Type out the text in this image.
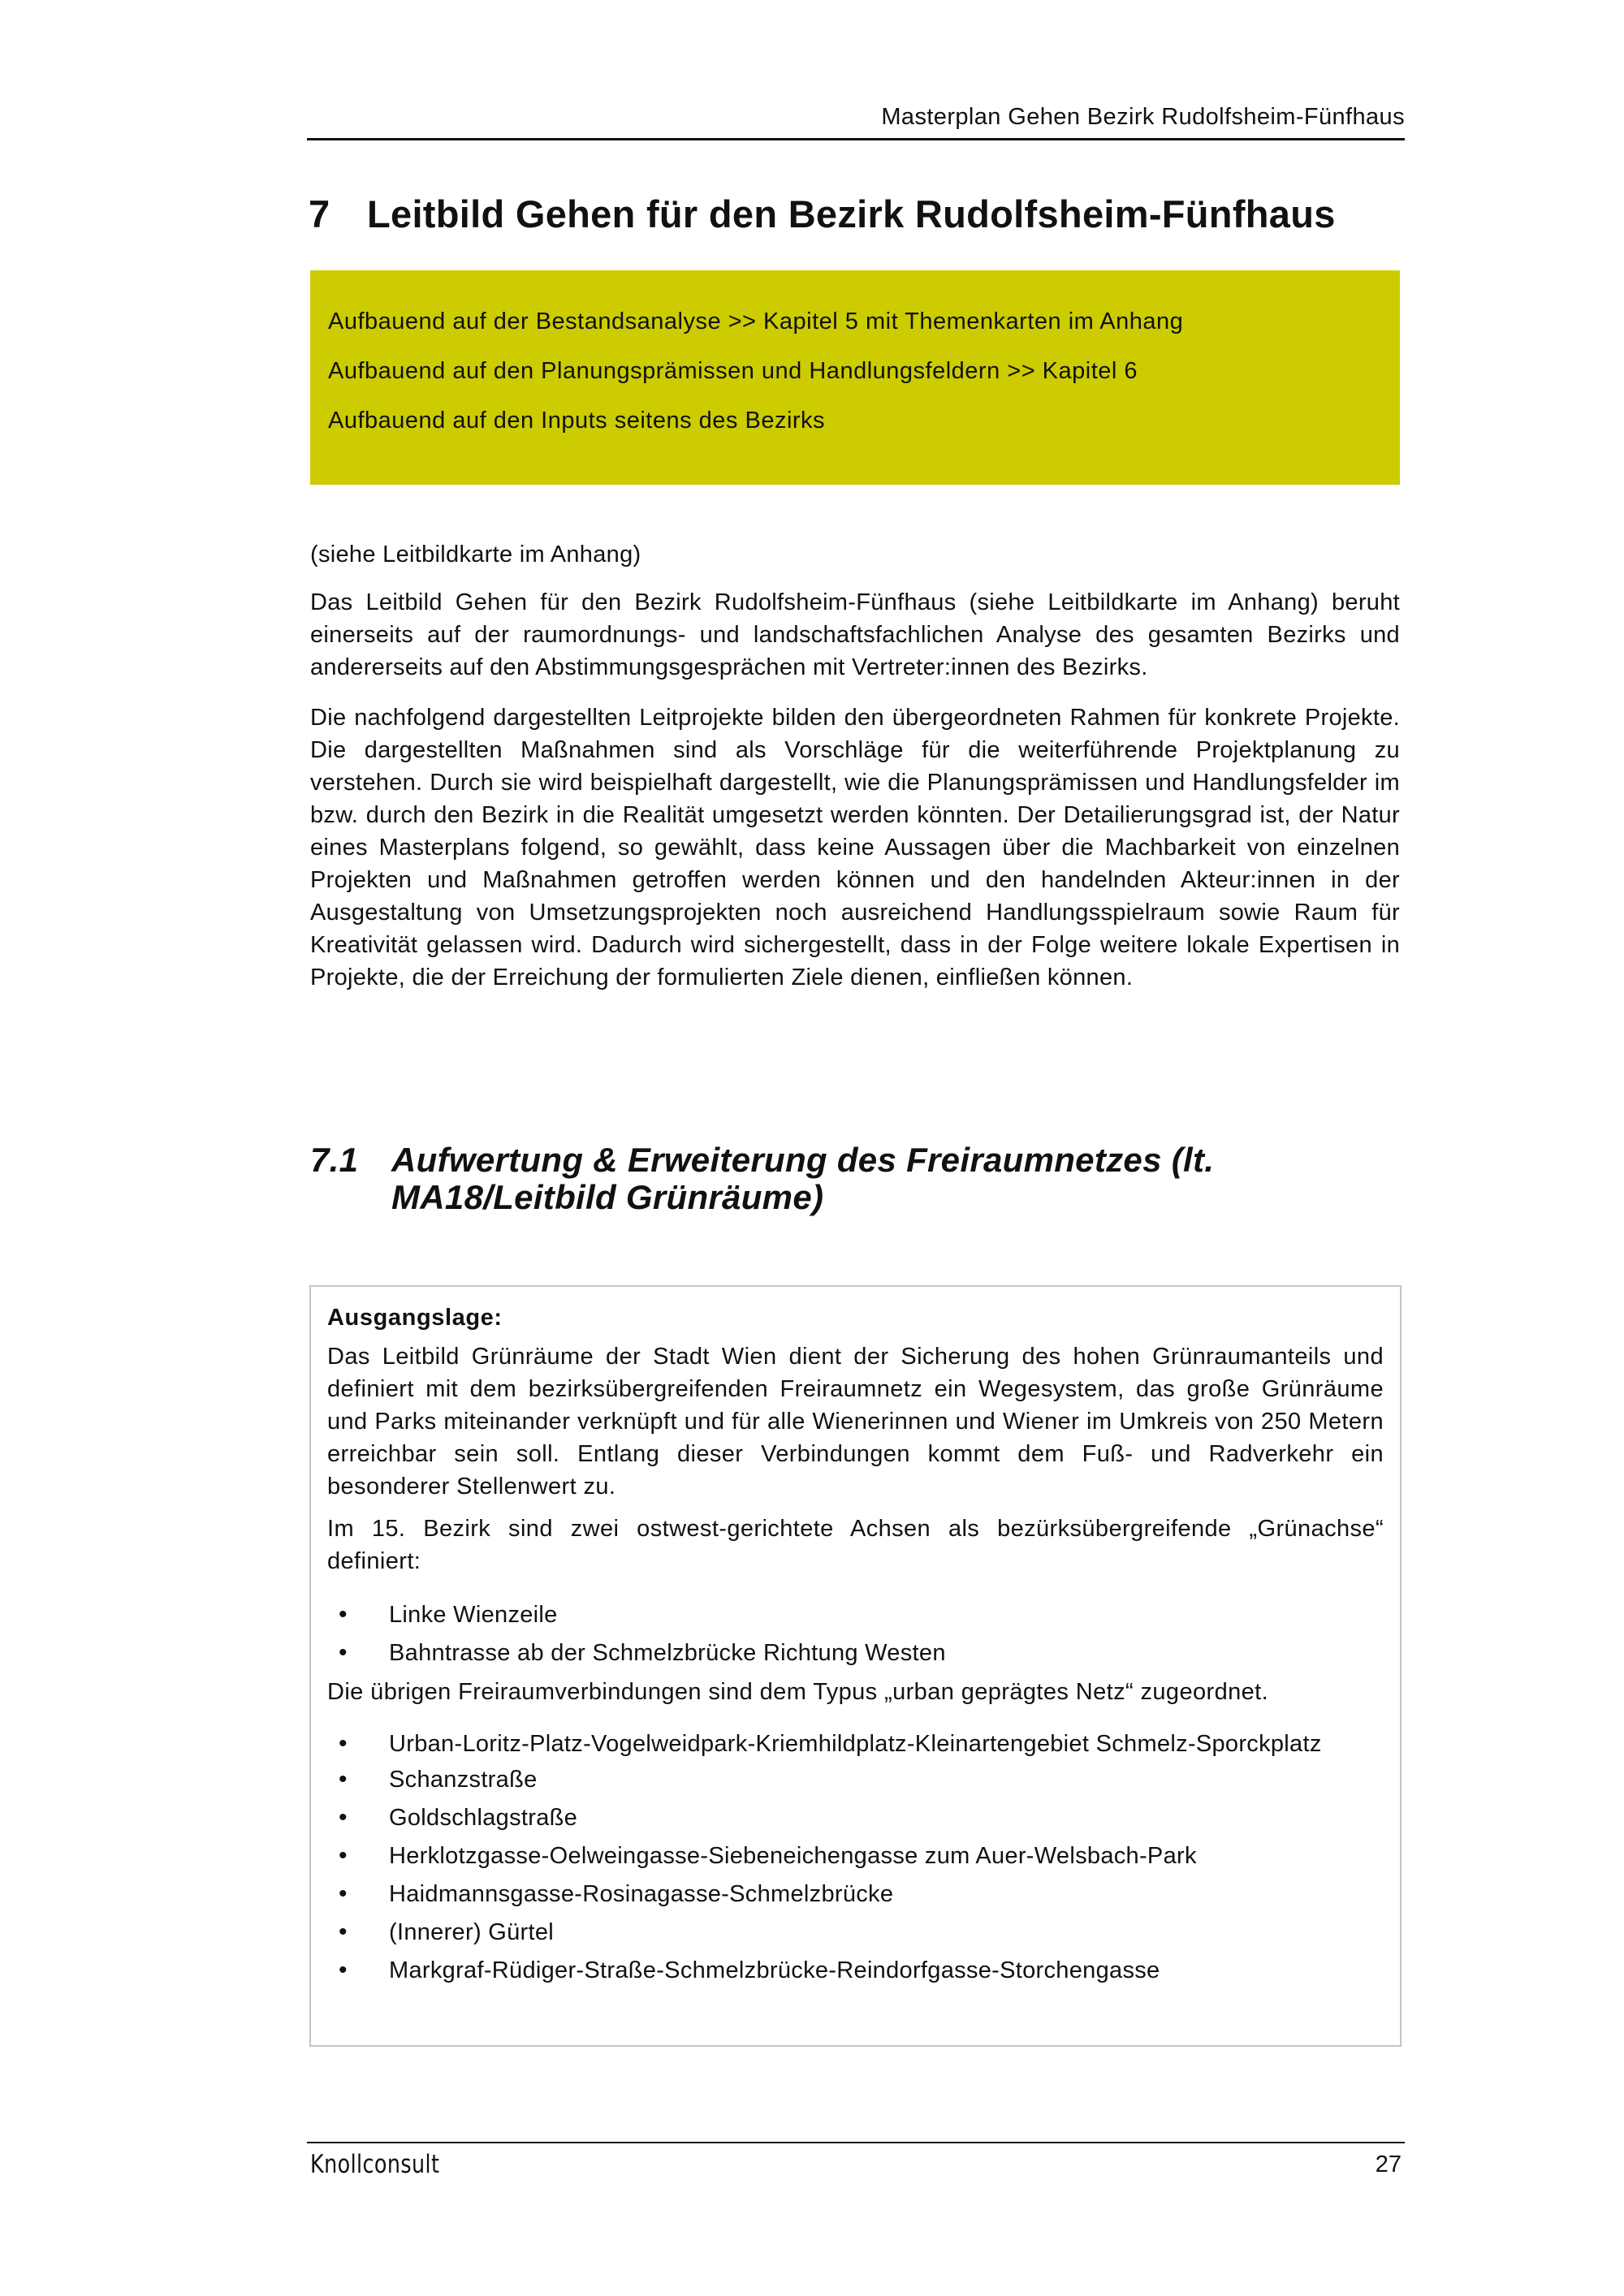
Masterplan Gehen Bezirk Rudolfsheim-Fünfhaus
7 Leitbild Gehen für den Bezirk Rudolfsheim-Fünfhaus
Aufbauend auf der Bestandsanalyse >> Kapitel 5 mit Themenkarten im Anhang
Aufbauend auf den Planungsprämissen und Handlungsfeldern >> Kapitel 6
Aufbauend auf den Inputs seitens des Bezirks
(siehe Leitbildkarte im Anhang)
Das Leitbild Gehen für den Bezirk Rudolfsheim-Fünfhaus (siehe Leitbildkarte im Anhang) beruht einerseits auf der raumordnungs- und landschaftsfachlichen Analyse des gesamten Bezirks und andererseits auf den Abstimmungsgesprächen mit Vertreter:innen des Bezirks.
Die nachfolgend dargestellten Leitprojekte bilden den übergeordneten Rahmen für konkrete Projekte. Die dargestellten Maßnahmen sind als Vorschläge für die weiterführende Projektplanung zu verstehen. Durch sie wird beispielhaft dargestellt, wie die Planungsprämissen und Handlungsfelder im bzw. durch den Bezirk in die Realität umgesetzt werden könnten. Der Detailierungsgrad ist, der Natur eines Masterplans folgend, so gewählt, dass keine Aussagen über die Machbarkeit von einzelnen Projekten und Maßnahmen getroffen werden können und den handelnden Akteur:innen in der Ausgestaltung von Umsetzungsprojekten noch ausreichend Handlungsspielraum sowie Raum für Kreativität gelassen wird. Dadurch wird sichergestellt, dass in der Folge weitere lokale Expertisen in Projekte, die der Erreichung der formulierten Ziele dienen, einfließen können.
7.1 Aufwertung & Erweiterung des Freiraumnetzes (lt. MA18/Leitbild Grünräume)
Ausgangslage:

Das Leitbild Grünräume der Stadt Wien dient der Sicherung des hohen Grünraumanteils und definiert mit dem bezirksübergreifenden Freiraumnetz ein Wegesystem, das große Grünräume und Parks miteinander verknüpft und für alle Wienerinnen und Wiener im Umkreis von 250 Metern erreichbar sein soll. Entlang dieser Verbindungen kommt dem Fuß- und Radverkehr ein besonderer Stellenwert zu.

Im 15. Bezirk sind zwei ostwest-gerichtete Achsen als bezürksübergreifende „Grünachse“ definiert:

• Linke Wienzeile
• Bahntrasse ab der Schmelzbrücke Richtung Westen

Die übrigen Freiraumverbindungen sind dem Typus „urban geprägtes Netz“ zugeordnet.

• Urban-Loritz-Platz-Vogelweidpark-Kriemhildplatz-Kleinartengebiet Schmelz-Sporckplatz
• Schanzstraße
• Goldschlagstraße
• Herklotzgasse-Oelweingasse-Siebeneichengasse zum Auer-Welsbach-Park
• Haidmannsgasse-Rosinagasse-Schmelzbrücke
• (Innerer) Gürtel
• Markgraf-Rüdiger-Straße-Schmelzbrücke-Reindorfgasse-Storchengasse
Knollconsult	27
